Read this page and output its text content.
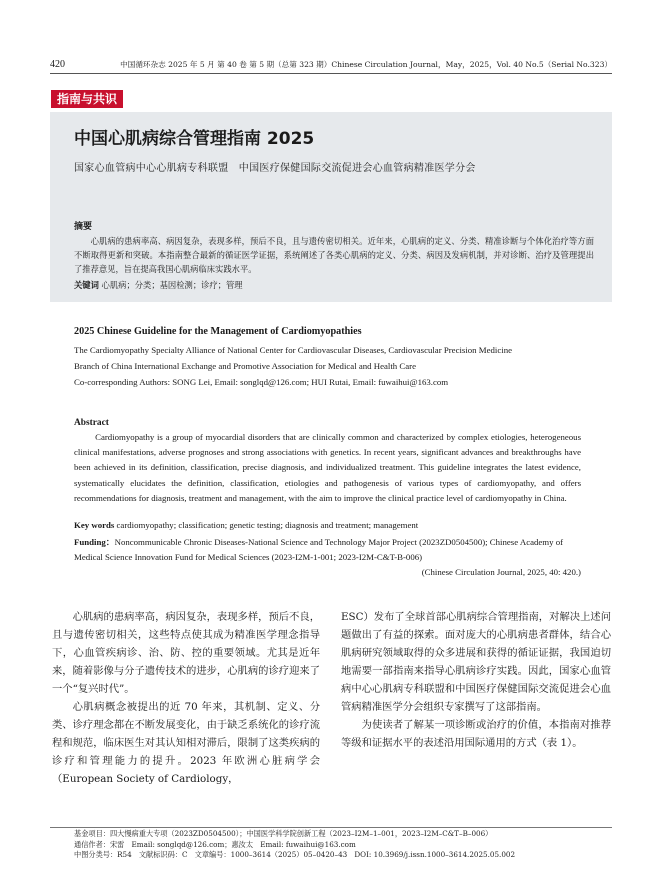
420	中国循环杂志 2025 年 5 月 第 40 卷 第 5 期（总第 323 期）Chinese Circulation Journal，May，2025，Vol. 40 No.5（Serial No.323）
指南与共识
中国心肌病综合管理指南 2025
国家心血管病中心心肌病专科联盟　中国医疗保健国际交流促进会心血管病精准医学分会
摘要
心肌病的患病率高、病因复杂，表现多样，预后不良，且与遗传密切相关。近年来，心肌病的定义、分类、精准诊断与个体化治疗等方面不断取得更新和突破。本指南整合最新的循证医学证据，系统阐述了各类心肌病的定义、分类、病因及发病机制，并对诊断、治疗及管理提出了推荐意见，旨在提高我国心肌病临床实践水平。
关键词 心肌病；分类；基因检测；诊疗；管理
2025 Chinese Guideline for the Management of Cardiomyopathies
The Cardiomyopathy Specialty Alliance of National Center for Cardiovascular Diseases, Cardiovascular Precision Medicine
Branch of China International Exchange and Promotive Association for Medical and Health Care
Co-corresponding Authors: SONG Lei, Email: songlqd@126.com; HUI Rutai, Email: fuwaihui@163.com
Abstract
Cardiomyopathy is a group of myocardial disorders that are clinically common and characterized by complex etiologies, heterogeneous clinical manifestations, adverse prognoses and strong associations with genetics. In recent years, significant advances and breakthroughs have been achieved in its definition, classification, precise diagnosis, and individualized treatment. This guideline integrates the latest evidence, systematically elucidates the definition, classification, etiologies and pathogenesis of various types of cardiomyopathy, and offers recommendations for diagnosis, treatment and management, with the aim to improve the clinical practice level of cardiomyopathy in China.
Key words cardiomyopathy; classification; genetic testing; diagnosis and treatment; management
Funding：Noncommunicable Chronic Diseases-National Science and Technology Major Project (2023ZD0504500); Chinese Academy of Medical Science Innovation Fund for Medical Sciences (2023-I2M-1-001; 2023-I2M-C&T-B-006)
(Chinese Circulation Journal, 2025, 40: 420.)

心肌病的患病率高，病因复杂，表现多样，预后不良，且与遗传密切相关，这些特点使其成为精准医学理念指导下，心血管疾病诊、治、防、控的重要领域。尤其是近年来，随着影像与分子遗传技术的进步，心肌病的诊疗迎来了一个“复兴时代”。

心肌病概念被提出的近 70 年来，其机制、定义、分类、诊疗理念都在不断发展变化，由于缺乏系统化的诊疗流程和规范，临床医生对其认知相对滞后，限制了这类疾病的诊疗和管理能力的提升。2023 年欧洲心脏病学会（European Society of Cardiology，

ESC）发布了全球首部心肌病综合管理指南，对解决上述问题做出了有益的探索。面对庞大的心肌病患者群体，结合心肌病研究领域取得的众多进展和获得的循证证据，我国迫切地需要一部指南来指导心肌病诊疗实践。因此，国家心血管病中心心肌病专科联盟和中国医疗保健国际交流促进会心血管病精准医学分会组织专家撰写了这部指南。

为使读者了解某一项诊断或治疗的价值，本指南对推荐等级和证据水平的表述沿用国际通用的方式（表 1）。

基金项目：四大慢病重大专项（2023ZD0504500）；中国医学科学院创新工程（2023–I2M–1–001，2023–I2M–C&T–B–006）
通信作者：宋雷　Email: songlqd@126.com；惠汝太　Email: fuwaihui@163.com
中图分类号：R54　文献标识码：C　文章编号：1000–3614（2025）05–0420–43　DOI: 10.3969/j.issn.1000–3614.2025.05.002
